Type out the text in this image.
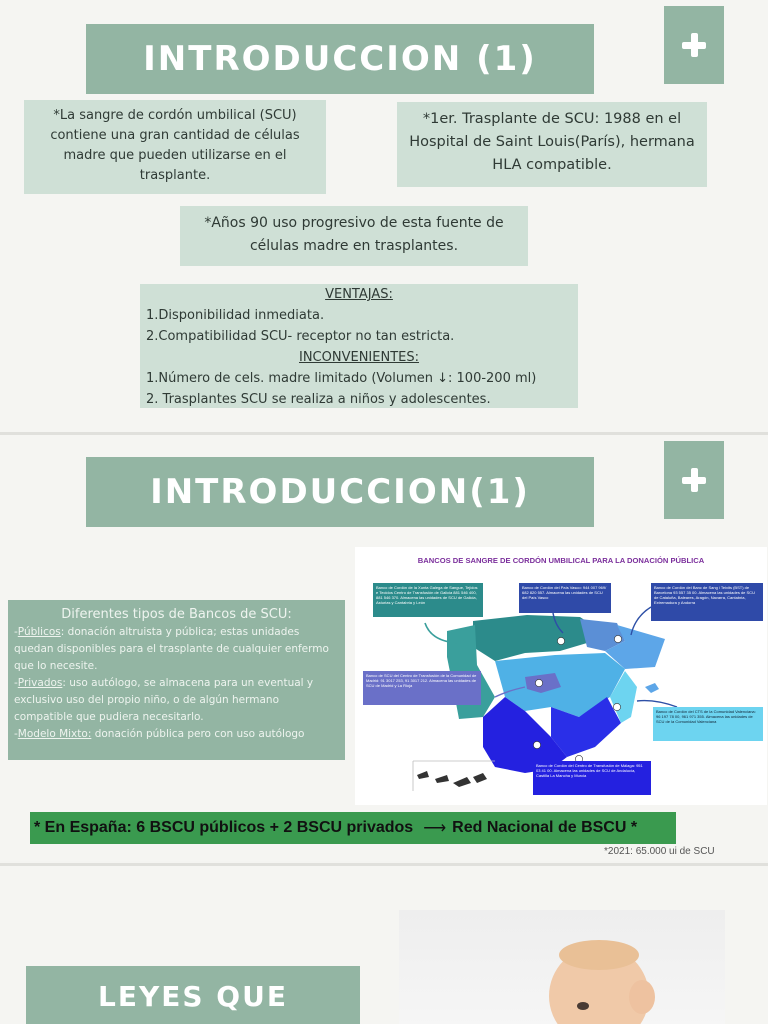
INTRODUCCION (1)
*La sangre de cordón umbilical (SCU) contiene una gran cantidad de células madre que pueden utilizarse en el trasplante.
*1er. Trasplante de SCU: 1988 en el Hospital de Saint Louis(París), hermana HLA compatible.
*Años 90 uso progresivo de esta fuente de células madre en trasplantes.
VENTAJAS:
1.Disponibilidad inmediata.
2.Compatibilidad SCU- receptor no tan estricta.
INCONVENIENTES:
1.Número de cels. madre limitado (Volumen ↓: 100-200 ml)
2. Trasplantes SCU se realiza a niños y adolescentes.
INTRODUCCION(1)
Diferentes tipos de Bancos de SCU:
-Públicos: donación altruista y pública; estas unidades quedan disponibles para el trasplante de cualquier enfermo que lo necesite.
-Privados: uso autólogo, se almacena para un eventual y exclusivo uso del propio niño, o de algún hermano compatible que pudiera necesitarlo.
-Modelo Mixto: donación pública pero con uso autólogo
BANCOS DE SANGRE DE CORDÓN UMBILICAL PARA LA DONACIÓN PÚBLICA
Banco de Cordón de la Xunta Galega de Sangue, Tejidos e Tecidos Centro de Transfusión de Galicia 881 546 400, 881 546 370. Almacena las unidades de SCU de Galicia, Asturias y Cantabria y León
Banco de Cordón del País Vasco: 944 007 969/ 682 820 557. Almacena las unidades de SCU del País Vasco
Banco de Cordón del Banc de Sang i Teixits (BST) de Barcelona 93 557 35 00. Almacena las unidades de SCU de Cataluña, Baleares, Aragón, Navarra, Cantabria, Extremadura y Andorra
Banco de SCU del Centro de Transfusión de la Comunidad de Madrid: 91 3017 253, 91 3017 212. Almacena las unidades de SCU de Madrid y La Rioja
Banco de Cordón del CTS de la Comunidad Valenciana: 96 197 78 00, 961 971 355. Almacena las unidades de SCU de la Comunidad Valenciana
Banco de Cordón del Centro de Transfusión de Málaga: 951 03 41 00. Almacena las unidades de SCU de Andalucía, Castilla La Mancha y Murcia
* En España: 6 BSCU públicos + 2 BSCU privados ⟶ Red Nacional de BSCU *
*2021: 65.000 ui de SCU
LEYES QUE
